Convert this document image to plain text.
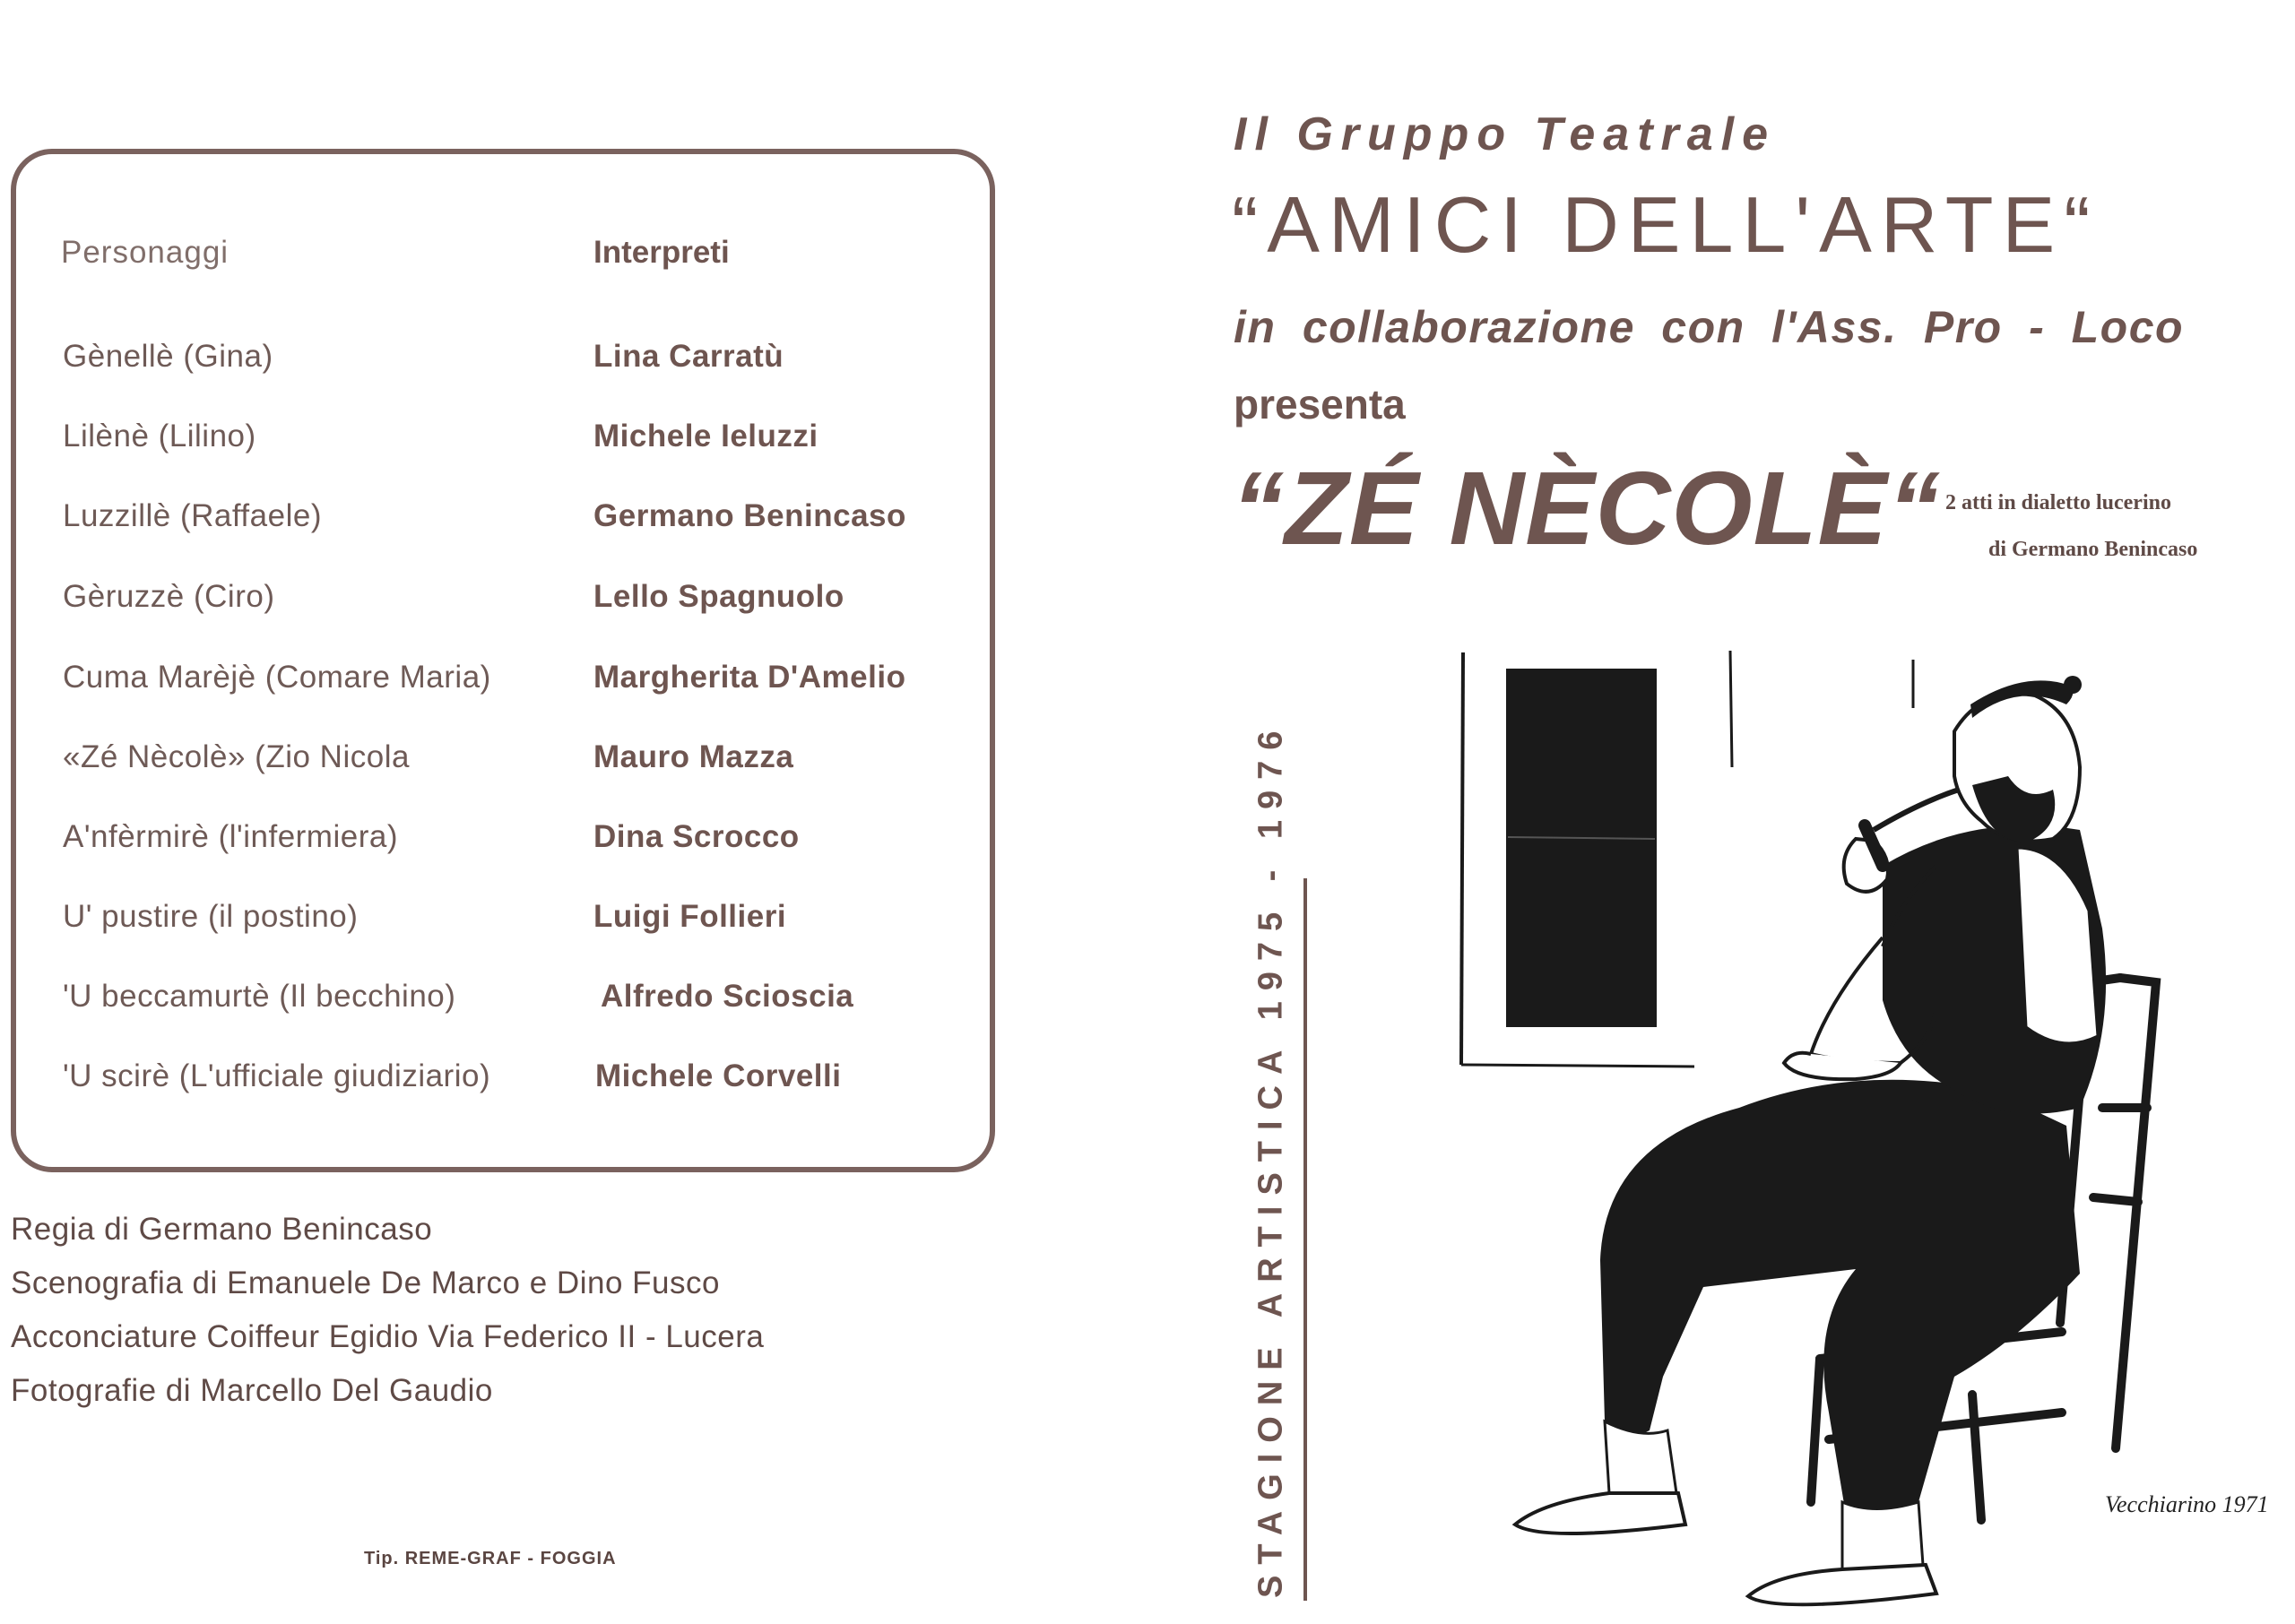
Personaggi	Interpreti
Gènellè (Gina)	Lina Carratù
Lilènè (Lilino)	Michele Ieluzzi
Luzzillè (Raffaele)	Germano Benincaso
Gèruzzè (Ciro)	Lello Spagnuolo
Cuma Marèjè (Comare Maria)	Margherita D'Amelio
«Zé Nècolè» (Zio Nicola	Mauro Mazza
A'nfèrmirè (l'infermiera)	Dina Scrocco
U' pustire (il postino)	Luigi Follieri
'U beccamurtè (Il becchino)	Alfredo Scioscia
'U scirè (L'ufficiale giudiziario)	Michele Corvelli
Regia di Germano Benincaso
Scenografia di Emanuele De Marco e Dino Fusco
Acconciature Coiffeur Egidio Via Federico II - Lucera
Fotografie di Marcello Del Gaudio
Tip. REME-GRAF - FOGGIA
Il Gruppo Teatrale
“AMICI DELL'ARTE“
in collaborazione con l'Ass. Pro - Loco
presenta
“ZÉ NÈCOLÈ“ 2 atti in dialetto lucerino
di Germano Benincaso
STAGIONE ARTISTICA 1975 - 1976	Vecchiarino 1971
